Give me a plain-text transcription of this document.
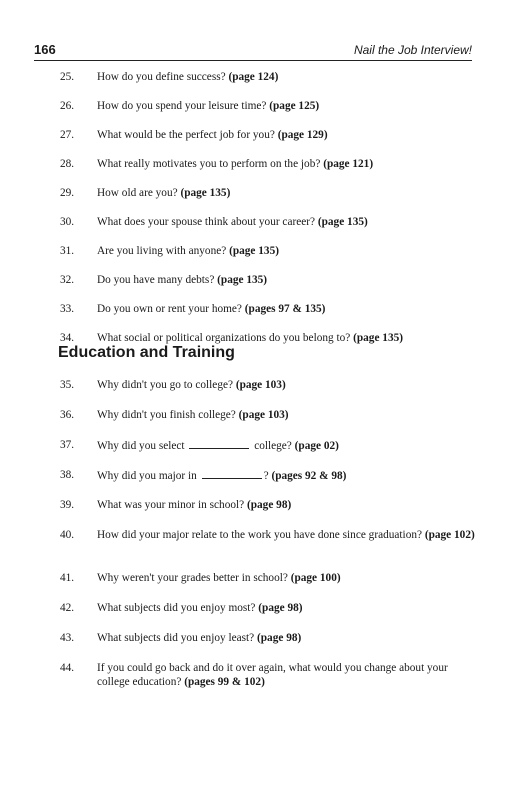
166	Nail the Job Interview!
25.	How do you define success? (page 124)
26.	How do you spend your leisure time? (page 125)
27.	What would be the perfect job for you? (page 129)
28.	What really motivates you to perform on the job? (page 121)
29.	How old are you? (page 135)
30.	What does your spouse think about your career? (page 135)
31.	Are you living with anyone? (page 135)
32.	Do you have many debts? (page 135)
33.	Do you own or rent your home? (pages 97 & 135)
34.	What social or political organizations do you belong to? (page 135)
Education and Training
35.	Why didn't you go to college? (page 103)
36.	Why didn't you finish college? (page 103)
37.	Why did you select	college? (page 02)
38.	Why did you major in	? (pages 92 & 98)
39.	What was your minor in school? (page 98)
40.	How did your major relate to the work you have done since graduation? (page 102)
41.	Why weren't your grades better in school? (page 100)
42.	What subjects did you enjoy most? (page 98)
43.	What subjects did you enjoy least? (page 98)
44.	If you could go back and do it over again, what would you change about your college education? (pages 99 & 102)
